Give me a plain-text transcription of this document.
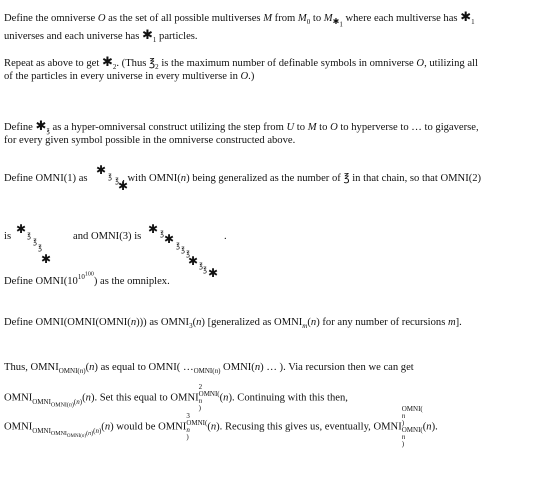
Define the omniverse O as the set of all possible multiverses M from $M_0$ to $M_{✱_1}$ where each multiverse has $✱_1$
universes and each universe has $✱_1$ particles.
Repeat as above to get $✱_2$. (Thus $℥_2$ is the maximum number of definable symbols in omniverse O, utilizing all
of the particles in every universe in every multiverse in O.)
Define $✱_℥$ as a hyper-omniversal construct utilizing the step from U to M to O to hyperverse to … to gigaverse,
for every given symbol possible in the omniverse constructed above.
Define OMNI(1) as	, with OMNI(n) being generalized as the number of ℥ in that chain, so that OMNI(2)
✱ ℥ ℥
✱
is
✱ ℥
℥
℥
✱
and OMNI(3) is
✱ ℥ ✱ ℥ ℥ ℥
✱ ℥ ℥ ✱
.
Define $OMNI(10^{10^{100}})$ as the omniplex.
Define OMNI(OMNI(OMNI(n))) as $OMNI_3(n)$ [generalized as $OMNI_m(n)$ for any number of recursions m].
Thus, $OMNI_{OMNI(n)}(n)$ as equal to OMNI( $\dots_{OMNI(n)}$ OMNI(n) … ). Via recursion then we can get
$OMNI_{OMNI_{OMNI(n)}(n)}(n)$. Set this equal to OMNI
2
OMNI(
n
)
(n). Continuing with this then,
$OMNI_{OMNI_{OMNI_{OMNI(n)}(n)}(n)}(n)$ would be OMNI
3
OMNI(
n
)
(n). Recusing this gives us, eventually, OMNI
OMNI(
n
)
OMNI(
n
)
(n).
